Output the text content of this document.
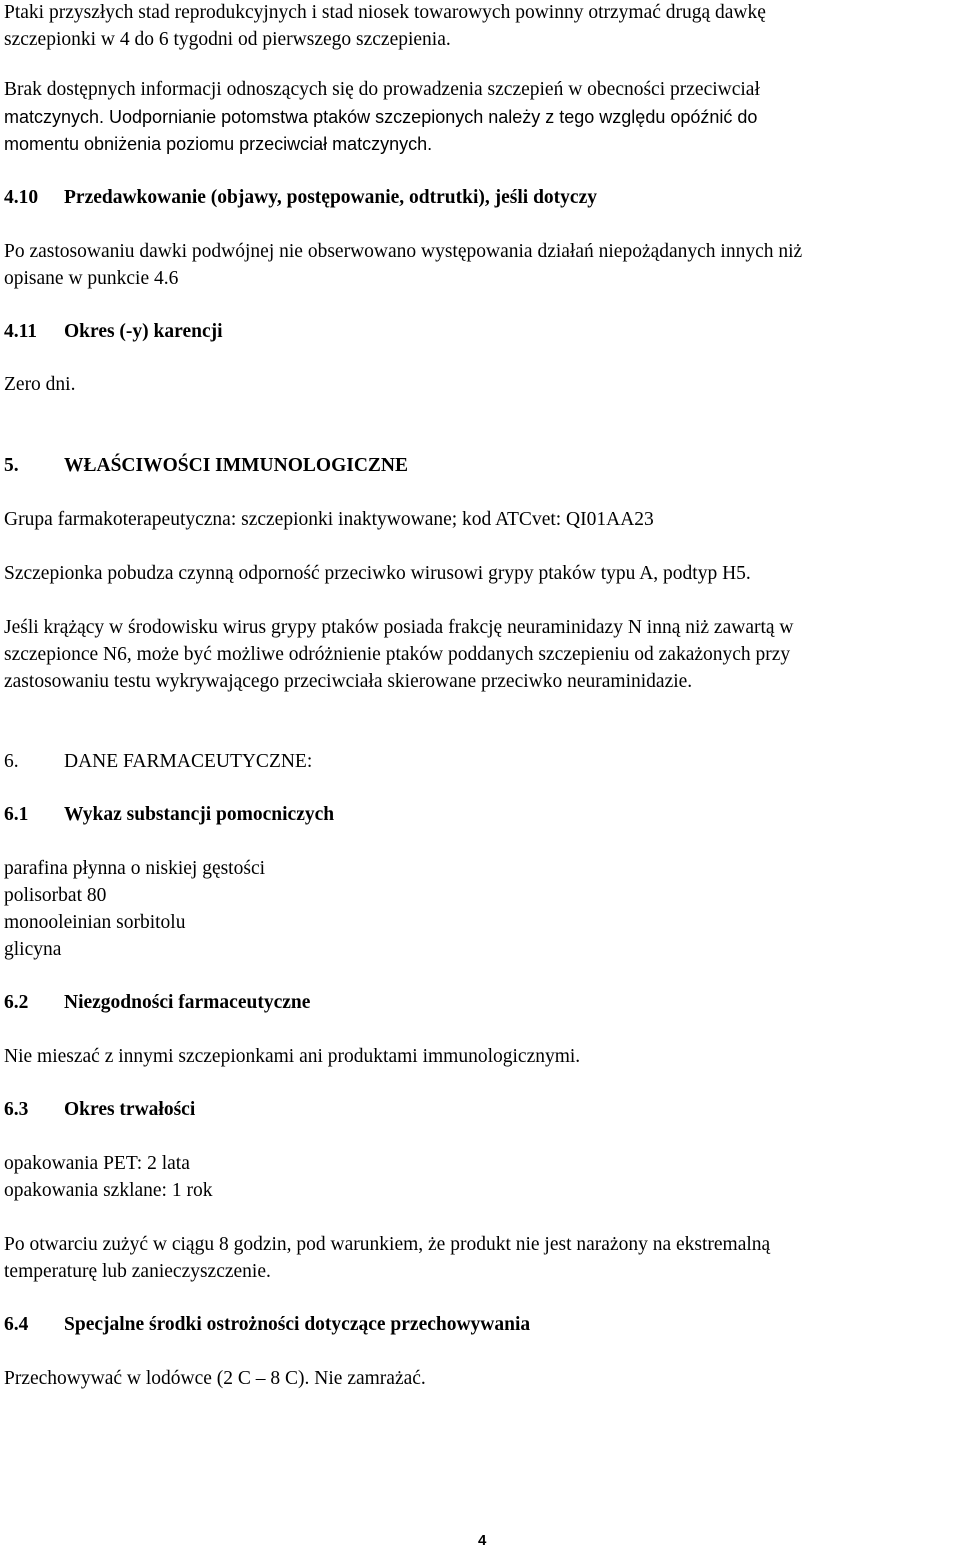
Ptaki przyszłych stad reprodukcyjnych i stad niosek towarowych powinny otrzymać drugą dawkę
szczepionki w 4 do 6 tygodni od pierwszego szczepienia.
Brak dostępnych informacji odnoszących się do prowadzenia szczepień w obecności przeciwciał
matczynych. Uodpornianie potomstwa ptaków szczepionych należy z tego względu opóźnić do
momentu obniżenia poziomu przeciwciał matczynych.
4.10 Przedawkowanie (objawy, postępowanie, odtrutki), jeśli dotyczy
Po zastosowaniu dawki podwójnej nie obserwowano występowania działań niepożądanych innych niż
opisane w punkcie 4.6
4.11 Okres (-y) karencji
Zero dni.
5. WŁAŚCIWOŚCI IMMUNOLOGICZNE
Grupa farmakoterapeutyczna: szczepionki inaktywowane; kod ATCvet: QI01AA23
Szczepionka pobudza czynną odporność przeciwko wirusowi grypy ptaków typu A, podtyp H5.
Jeśli krążący w środowisku wirus grypy ptaków posiada frakcję neuraminidazy N inną niż zawartą w
szczepionce N6, może być możliwe odróżnienie ptaków poddanych szczepieniu od zakażonych przy
zastosowaniu testu wykrywającego przeciwciała skierowane przeciwko neuraminidazie.
6. DANE FARMACEUTYCZNE:
6.1 Wykaz substancji pomocniczych
parafina płynna o niskiej gęstości
polisorbat 80
monooleinian sorbitolu
glicyna
6.2 Niezgodności farmaceutyczne
Nie mieszać z innymi szczepionkami ani produktami immunologicznymi.
6.3 Okres trwałości
opakowania PET: 2 lata
opakowania szklane: 1 rok
Po otwarciu zużyć w ciągu 8 godzin, pod warunkiem, że produkt nie jest narażony na ekstremalną
temperaturę lub zanieczyszczenie.
6.4 Specjalne środki ostrożności dotyczące przechowywania
Przechowywać w lodówce (2 C – 8 C). Nie zamrażać.
4
